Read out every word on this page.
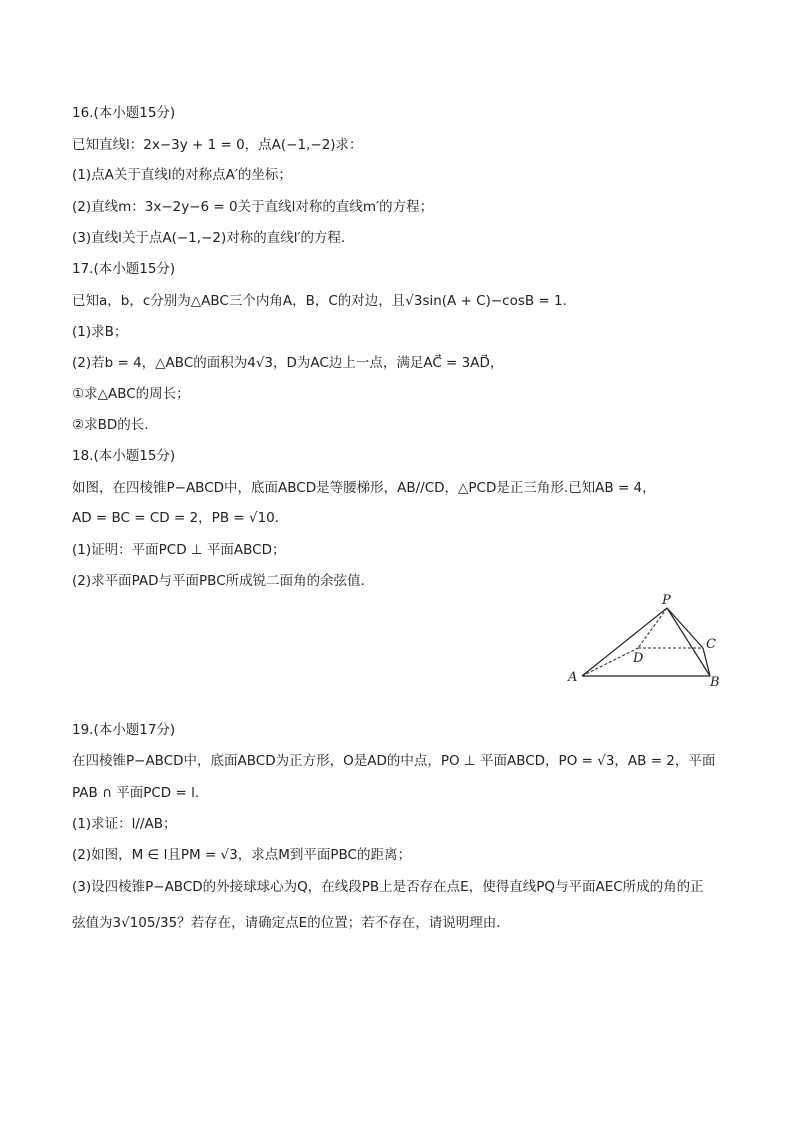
16.(本小题15分)
已知直线l：2x−3y + 1 = 0，点A(−1,−2)求：
(1)点A关于直线l的对称点A′的坐标；
(2)直线m：3x−2y−6 = 0关于直线l对称的直线m′的方程；
(3)直线l关于点A(−1,−2)对称的直线l′的方程．
17.(本小题15分)
已知a，b，c分别为△ABC三个内角A，B，C的对边，且√3sin(A + C)−cosB = 1．
(1)求B；
(2)若b = 4，△ABC的面积为4√3，D为AC边上一点，满足AC⃗ = 3AD⃗，
①求△ABC的周长；
②求BD的长．
18.(本小题15分)
如图，在四棱锥P−ABCD中，底面ABCD是等腰梯形，AB//CD，△PCD是正三角形.已知AB = 4，
AD = BC = CD = 2，PB = √10.
(1)证明：平面PCD ⊥ 平面ABCD；
(2)求平面PAD与平面PBC所成锐二面角的余弦值．
P
C
D
A	B
19.(本小题17分)
在四棱锥P−ABCD中，底面ABCD为正方形，O是AD的中点，PO ⊥ 平面ABCD，PO = √3，AB = 2，平面
PAB ∩ 平面PCD = l.
(1)求证：l//AB；
(2)如图，M ∈ l且PM = √3，求点M到平面PBC的距离；
(3)设四棱锥P−ABCD的外接球球心为Q，在线段PB上是否存在点E，使得直线PQ与平面AEC所成的角的正
弦值为3√105/35？若存在，请确定点E的位置；若不存在，请说明理由．
